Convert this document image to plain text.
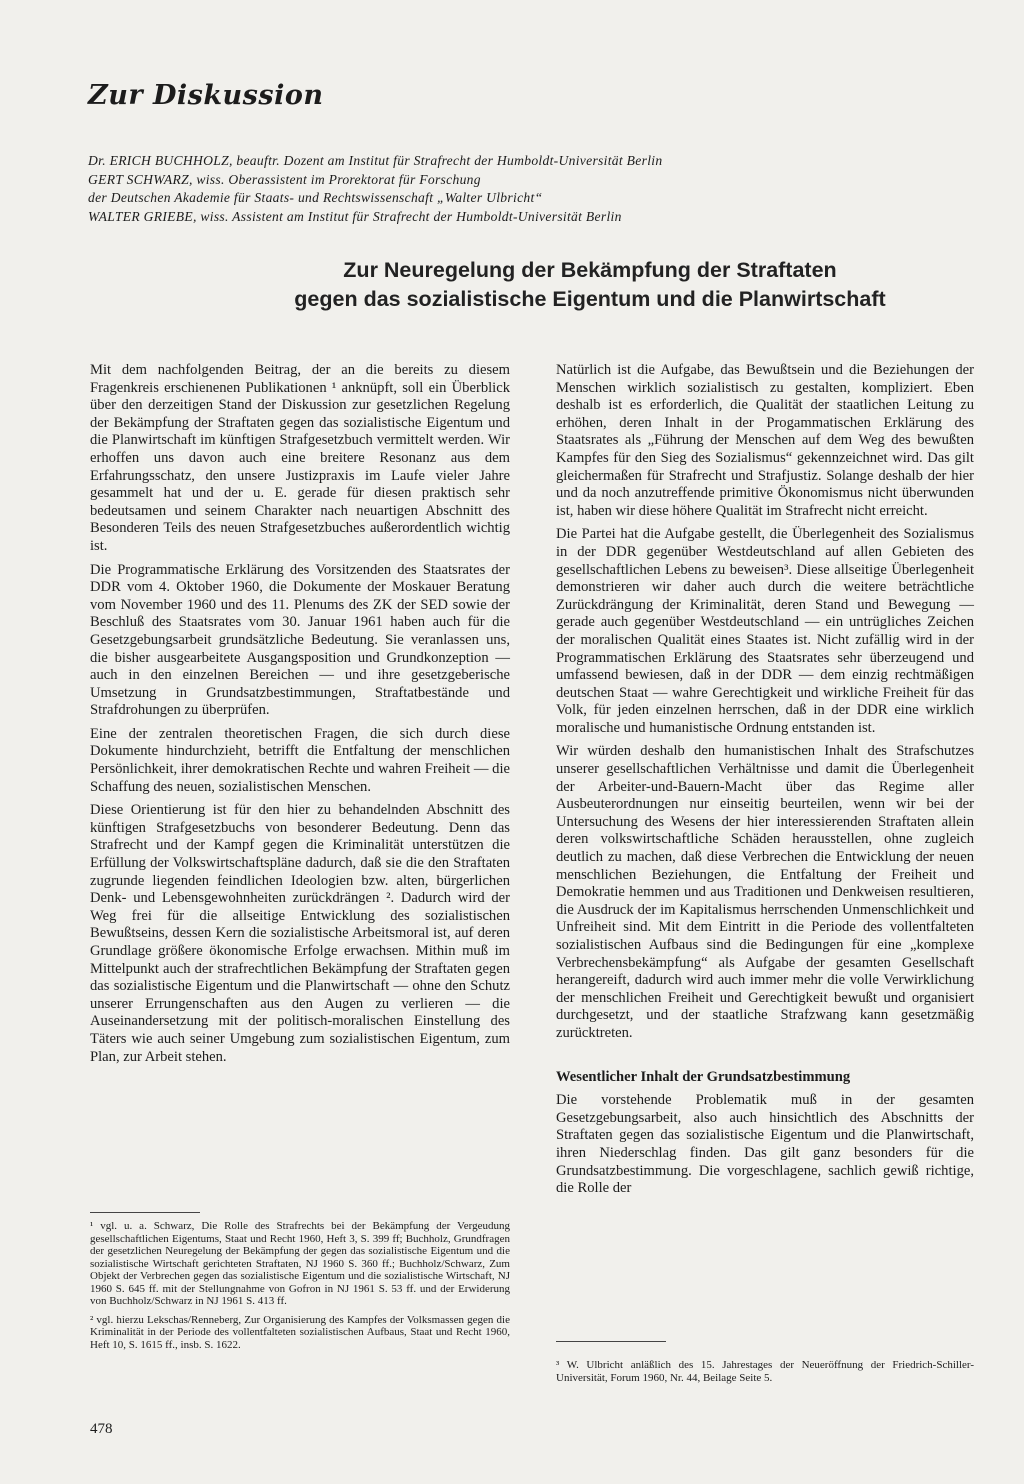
Zur Diskussion
Dr. ERICH BUCHHOLZ, beauftr. Dozent am Institut für Strafrecht der Humboldt-Universität Berlin
GERT SCHWARZ, wiss. Oberassistent im Prorektorat für Forschung
der Deutschen Akademie für Staats- und Rechtswissenschaft „Walter Ulbricht“
WALTER GRIEBE, wiss. Assistent am Institut für Strafrecht der Humboldt-Universität Berlin
Zur Neuregelung der Bekämpfung der Straftaten
gegen das sozialistische Eigentum und die Planwirtschaft

Mit dem nachfolgenden Beitrag, der an die bereits zu diesem Fragenkreis erschienenen Publikationen ¹ anknüpft, soll ein Überblick über den derzeitigen Stand der Diskussion zur gesetzlichen Regelung der Bekämpfung der Straftaten gegen das sozialistische Eigentum und die Planwirtschaft im künftigen Strafgesetzbuch vermittelt werden. Wir erhoffen uns davon auch eine breitere Resonanz aus dem Erfahrungsschatz, den unsere Justizpraxis im Laufe vieler Jahre gesammelt hat und der u. E. gerade für diesen praktisch sehr bedeutsamen und seinem Charakter nach neuartigen Abschnitt des Besonderen Teils des neuen Strafgesetzbuches außerordentlich wichtig ist.

Die Programmatische Erklärung des Vorsitzenden des Staatsrates der DDR vom 4. Oktober 1960, die Dokumente der Moskauer Beratung vom November 1960 und des 11. Plenums des ZK der SED sowie der Beschluß des Staatsrates vom 30. Januar 1961 haben auch für die Gesetzgebungsarbeit grundsätzliche Bedeutung. Sie veranlassen uns, die bisher ausgearbeitete Ausgangsposition und Grundkonzeption — auch in den einzelnen Bereichen — und ihre gesetzgeberische Umsetzung in Grundsatzbestimmungen, Straftatbestände und Strafdrohungen zu überprüfen.

Eine der zentralen theoretischen Fragen, die sich durch diese Dokumente hindurchzieht, betrifft die Entfaltung der menschlichen Persönlichkeit, ihrer demokratischen Rechte und wahren Freiheit — die Schaffung des neuen, sozialistischen Menschen.

Diese Orientierung ist für den hier zu behandelnden Abschnitt des künftigen Strafgesetzbuchs von besonderer Bedeutung. Denn das Strafrecht und der Kampf gegen die Kriminalität unterstützen die Erfüllung der Volkswirtschaftspläne dadurch, daß sie die den Straftaten zugrunde liegenden feindlichen Ideologien bzw. alten, bürgerlichen Denk- und Lebensgewohnheiten zurückdrängen ². Dadurch wird der Weg frei für die allseitige Entwicklung des sozialistischen Bewußtseins, dessen Kern die sozialistische Arbeitsmoral ist, auf deren Grundlage größere ökonomische Erfolge erwachsen. Mithin muß im Mittelpunkt auch der strafrechtlichen Bekämpfung der Straftaten gegen das sozialistische Eigentum und die Planwirtschaft — ohne den Schutz unserer Errungenschaften aus den Augen zu verlieren — die Auseinandersetzung mit der politisch-moralischen Einstellung des Täters wie auch seiner Umgebung zum sozialistischen Eigentum, zum Plan, zur Arbeit stehen.

Natürlich ist die Aufgabe, das Bewußtsein und die Beziehungen der Menschen wirklich sozialistisch zu gestalten, kompliziert. Eben deshalb ist es erforderlich, die Qualität der staatlichen Leitung zu erhöhen, deren Inhalt in der Progammatischen Erklärung des Staatsrates als „Führung der Menschen auf dem Weg des bewußten Kampfes für den Sieg des Sozialismus“ gekennzeichnet wird. Das gilt gleichermaßen für Strafrecht und Strafjustiz. Solange deshalb der hier und da noch anzutreffende primitive Ökonomismus nicht überwunden ist, haben wir diese höhere Qualität im Strafrecht nicht erreicht.

Die Partei hat die Aufgabe gestellt, die Überlegenheit des Sozialismus in der DDR gegenüber Westdeutschland auf allen Gebieten des gesellschaftlichen Lebens zu beweisen³. Diese allseitige Überlegenheit demonstrieren wir daher auch durch die weitere beträchtliche Zurückdrängung der Kriminalität, deren Stand und Bewegung — gerade auch gegenüber Westdeutschland — ein untrügliches Zeichen der moralischen Qualität eines Staates ist. Nicht zufällig wird in der Programmatischen Erklärung des Staatsrates sehr überzeugend und umfassend bewiesen, daß in der DDR — dem einzig rechtmäßigen deutschen Staat — wahre Gerechtigkeit und wirkliche Freiheit für das Volk, für jeden einzelnen herrschen, daß in der DDR eine wirklich moralische und humanistische Ordnung entstanden ist.

Wir würden deshalb den humanistischen Inhalt des Strafschutzes unserer gesellschaftlichen Verhältnisse und damit die Überlegenheit der Arbeiter-und-Bauern-Macht über das Regime aller Ausbeuterordnungen nur einseitig beurteilen, wenn wir bei der Untersuchung des Wesens der hier interessierenden Straftaten allein deren volkswirtschaftliche Schäden herausstellen, ohne zugleich deutlich zu machen, daß diese Verbrechen die Entwicklung der neuen menschlichen Beziehungen, die Entfaltung der Freiheit und Demokratie hemmen und aus Traditionen und Denkweisen resultieren, die Ausdruck der im Kapitalismus herrschenden Unmenschlichkeit und Unfreiheit sind. Mit dem Eintritt in die Periode des vollentfalteten sozialistischen Aufbaus sind die Bedingungen für eine „komplexe Verbrechensbekämpfung“ als Aufgabe der gesamten Gesellschaft herangereift, dadurch wird auch immer mehr die volle Verwirklichung der menschlichen Freiheit und Gerechtigkeit bewußt und organisiert durchgesetzt, und der staatliche Strafzwang kann gesetzmäßig zurücktreten.

Wesentlicher Inhalt der Grundsatzbestimmung

Die vorstehende Problematik muß in der gesamten Gesetzgebungsarbeit, also auch hinsichtlich des Abschnitts der Straftaten gegen das sozialistische Eigentum und die Planwirtschaft, ihren Niederschlag finden. Das gilt ganz besonders für die Grundsatzbestimmung. Die vorgeschlagene, sachlich gewiß richtige, die Rolle der

¹ vgl. u. a. Schwarz, Die Rolle des Strafrechts bei der Bekämpfung der Vergeudung gesellschaftlichen Eigentums, Staat und Recht 1960, Heft 3, S. 399 ff; Buchholz, Grundfragen der gesetzlichen Neuregelung der Bekämpfung der gegen das sozialistische Eigentum und die sozialistische Wirtschaft gerichteten Straftaten, NJ 1960 S. 360 ff.; Buchholz/Schwarz, Zum Objekt der Verbrechen gegen das sozialistische Eigentum und die sozialistische Wirtschaft, NJ 1960 S. 645 ff. mit der Stellungnahme von Gofron in NJ 1961 S. 53 ff. und der Erwiderung von Buchholz/Schwarz in NJ 1961 S. 413 ff.

² vgl. hierzu Lekschas/Renneberg, Zur Organisierung des Kampfes der Volksmassen gegen die Kriminalität in der Periode des vollentfalteten sozialistischen Aufbaus, Staat und Recht 1960, Heft 10, S. 1615 ff., insb. S. 1622.

³ W. Ulbricht anläßlich des 15. Jahrestages der Neueröffnung der Friedrich-Schiller-Universität, Forum 1960, Nr. 44, Beilage Seite 5.

478
